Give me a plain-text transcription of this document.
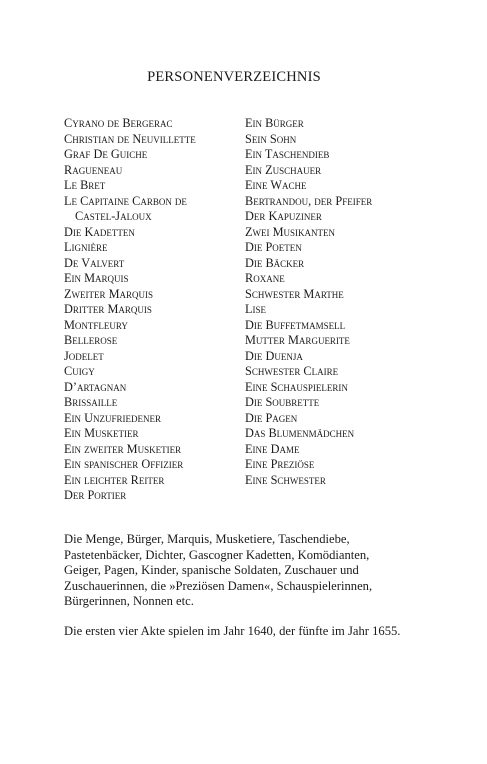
PERSONENVERZEICHNIS
Cyrano de Bergerac
Christian de Neuvillette
Graf De Guiche
Ragueneau
Le Bret
Le Capitaine Carbon de
Castel-Jaloux
Die Kadetten
Lignière
De Valvert
Ein Marquis
Zweiter Marquis
Dritter Marquis
Montfleury
Bellerose
Jodelet
Cuigy
D’artagnan
Brissaille
Ein Unzufriedener
Ein Musketier
Ein zweiter Musketier
Ein spanischer Offizier
Ein leichter Reiter
Der Portier
Ein Bürger
Sein Sohn
Ein Taschendieb
Ein Zuschauer
Eine Wache
Bertrandou, der Pfeifer
Der Kapuziner
Zwei Musikanten
Die Poeten
Die Bäcker
Roxane
Schwester Marthe
Lise
Die Buffetmamsell
Mutter Marguerite
Die Duenja
Schwester Claire
Eine Schauspielerin
Die Soubrette
Die Pagen
Das Blumenmädchen
Eine Dame
Eine Preziöse
Eine Schwester

Die Menge, Bürger, Marquis, Musketiere, Taschendiebe, Pastetenbäcker, Dichter, Gascogner Kadetten, Komödianten, Geiger, Pagen, Kinder, spanische Soldaten, Zuschauer und Zuschauerinnen, die »Preziösen Damen«, Schauspielerinnen, Bürgerinnen, Nonnen etc.

Die ersten vier Akte spielen im Jahr 1640, der fünfte im Jahr 1655.
